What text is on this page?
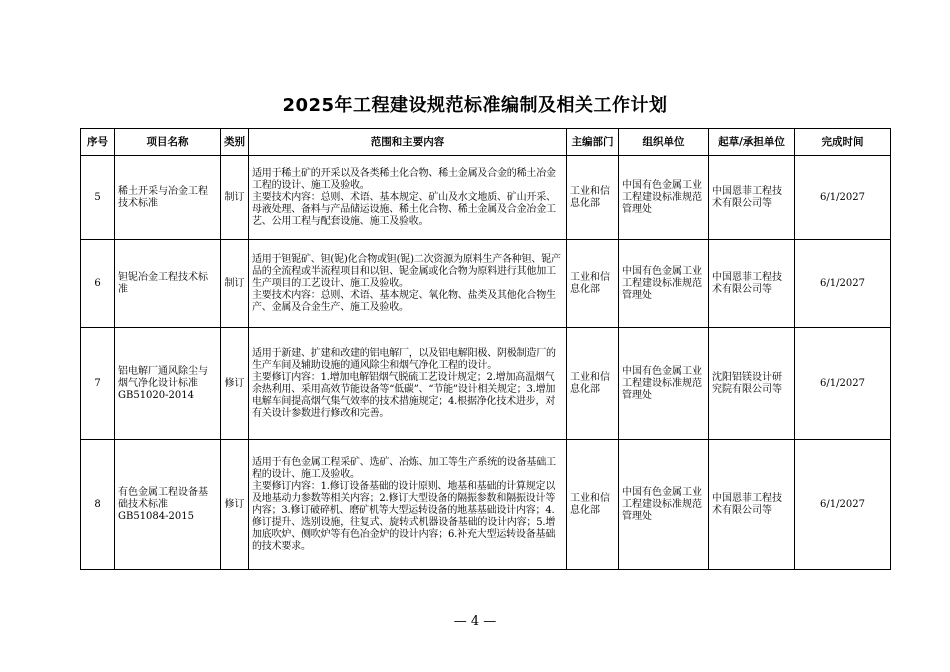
2025年工程建设规范标准编制及相关工作计划
序号	项目名称	类别	范围和主要内容	主编部门	组织单位	起草/承担单位	完成时间
5	稀土开采与冶金工程技术标准	制订	适用于稀土矿的开采以及各类稀土化合物、稀土金属及合金的稀土冶金工程的设计、施工及验收。
主要技术内容：总则、术语、基本规定、矿山及水文地质、矿山开采、母液处理、备料与产品储运设施、稀土化合物、稀土金属及合金冶金工艺、公用工程与配套设施、施工及验收。	工业和信息化部	中国有色金属工业工程建设标准规范管理处	中国恩菲工程技术有限公司等	6/1/2027
6	钽铌冶金工程技术标准	制订	适用于钽铌矿、钽(铌)化合物或钽(铌)二次资源为原料生产各种钽、铌产品的全流程或半流程项目和以钽、铌金属或化合物为原料进行其他加工生产项目的工艺设计、施工及验收。
主要技术内容：总则、术语、基本规定、氧化物、盐类及其他化合物生产、金属及合金生产、施工及验收。	工业和信息化部	中国有色金属工业工程建设标准规范管理处	中国恩菲工程技术有限公司等	6/1/2027
7	铝电解厂通风除尘与烟气净化设计标准GB51020-2014	修订	适用于新建、扩建和改建的铝电解厂，以及铝电解阳极、阴极制造厂的生产车间及辅助设施的通风除尘和烟气净化工程的设计。
主要修订内容：1.增加电解铝烟气脱硫工艺设计规定；2.增加高温烟气余热利用、采用高效节能设备等“低碳”、“节能”设计相关规定；3.增加电解车间提高烟气集气效率的技术措施规定；4.根据净化技术进步，对有关设计参数进行修改和完善。	工业和信息化部	中国有色金属工业工程建设标准规范管理处	沈阳铝镁设计研究院有限公司等	6/1/2027
8	有色金属工程设备基础技术标准GB51084-2015	修订	适用于有色金属工程采矿、选矿、冶炼、加工等生产系统的设备基础工程的设计、施工及验收。
主要修订内容：1.修订设备基础的设计原则、地基和基础的计算规定以及地基动力参数等相关内容；2.修订大型设备的隔振参数和隔振设计等内容；3.修订破碎机、磨矿机等大型运转设备的地基基础设计内容；4.修订提升、选别设施，往复式、旋转式机器设备基础的设计内容；5.增加底吹炉、侧吹炉等有色冶金炉的设计内容；6.补充大型运转设备基础的技术要求。	工业和信息化部	中国有色金属工业工程建设标准规范管理处	中国恩菲工程技术有限公司等	6/1/2027
— 4 —
